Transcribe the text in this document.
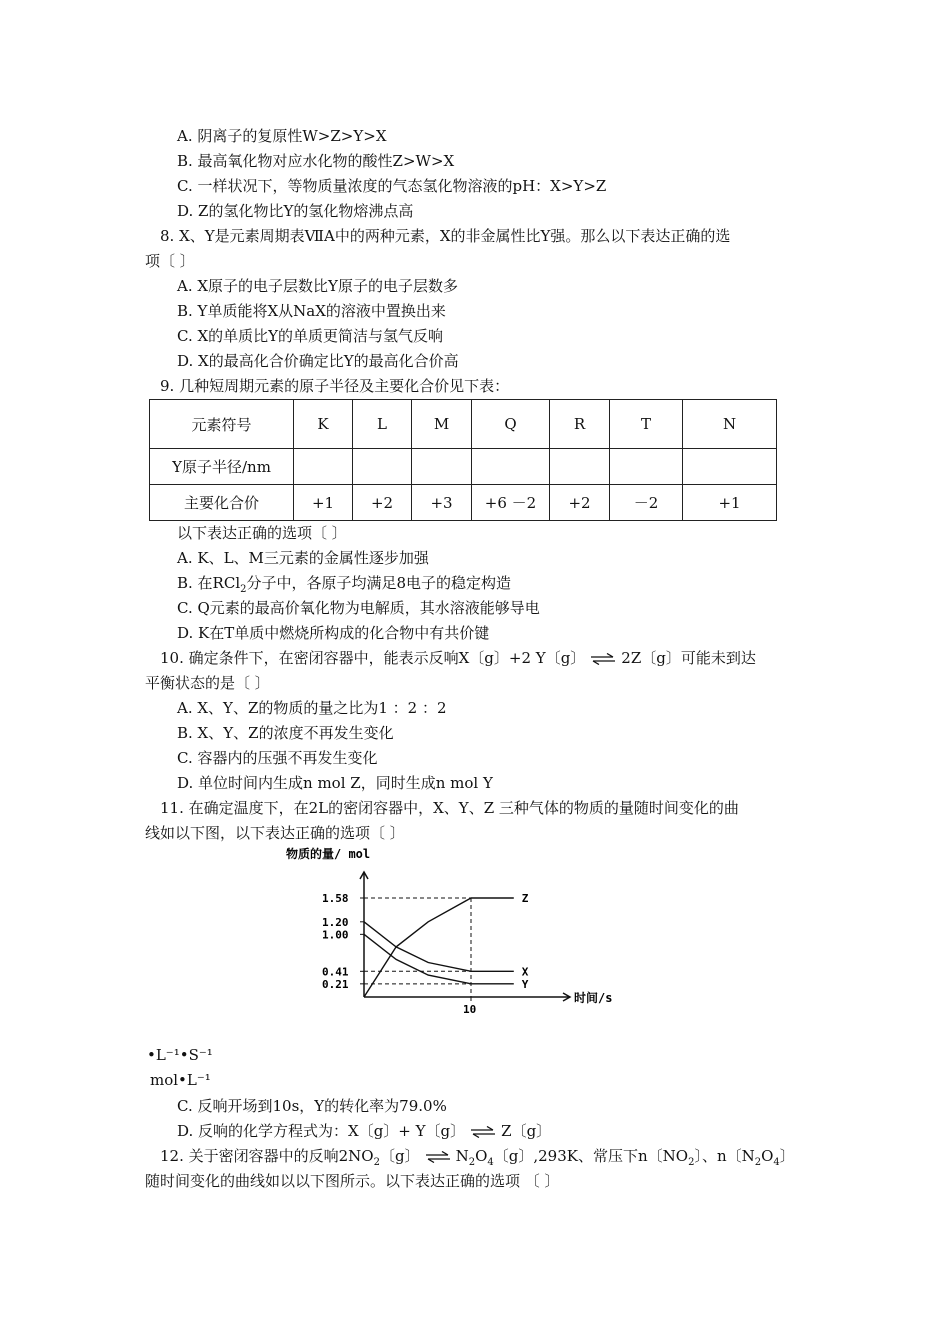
A. 阴离子的复原性W>Z>Y>X
B. 最高氧化物对应水化物的酸性Z>W>X
C. 一样状况下，等物质量浓度的气态氢化物溶液的pH：X>Y>Z
D. Z的氢化物比Y的氢化物熔沸点高
8. X、Y是元素周期表ⅦA中的两种元素，X的非金属性比Y强。那么以下表达正确的选
项〔 〕
A. X原子的电子层数比Y原子的电子层数多
B. Y单质能将X从NaX的溶液中置换出来
C. X的单质比Y的单质更简洁与氢气反响
D. X的最高化合价确定比Y的最高化合价高
9. 几种短周期元素的原子半径及主要化合价见下表：
元素符号	K	L	M	Q	R	T	N
Y原子半径/nm							
主要化合价	+1	+2	+3	+6 －2	+2	－2	+1
以下表达正确的选项〔 〕
A. K、L、M三元素的金属性逐步加强
B. 在RCl$_2$分子中，各原子均满足8电子的稳定构造
C. Q元素的最高价氧化物为电解质，其水溶液能够导电
D. K在T单质中燃烧所构成的化合物中有共价键
10. 确定条件下，在密闭容器中，能表示反响X〔g〕+2 Y〔g〕 ⇌ 2Z〔g〕可能未到达
平衡状态的是〔 〕
A. X、Y、Z的物质的量之比为1 ：2 ：2
B. X、Y、Z的浓度不再发生变化
C. 容器内的压强不再发生变化
D. 单位时间内生成n mol Z，同时生成n mol Y
11. 在确定温度下，在2L的密闭容器中，X、Y、Z 三种气体的物质的量随时间变化的曲
线如以下图，以下表达正确的选项〔 〕
物质的量/ mol
时间/s
1.58
1.20
1.00
0.41
0.21
10
Z
X
Y
•L⁻¹•S⁻¹
mol•L⁻¹
C. 反响开场到10s，Y的转化率为79.0%
D. 反响的化学方程式为：X〔g〕+ Y〔g〕 ⇌ Z〔g〕
12. 关于密闭容器中的反响$2NO_2$〔g〕 ⇌ $N_2O_4$〔g〕,293K、常压下n〔$NO_2$〕、n〔$N_2O_4$〕
随时间变化的曲线如以以下图所示。以下表达正确的选项 〔 〕
